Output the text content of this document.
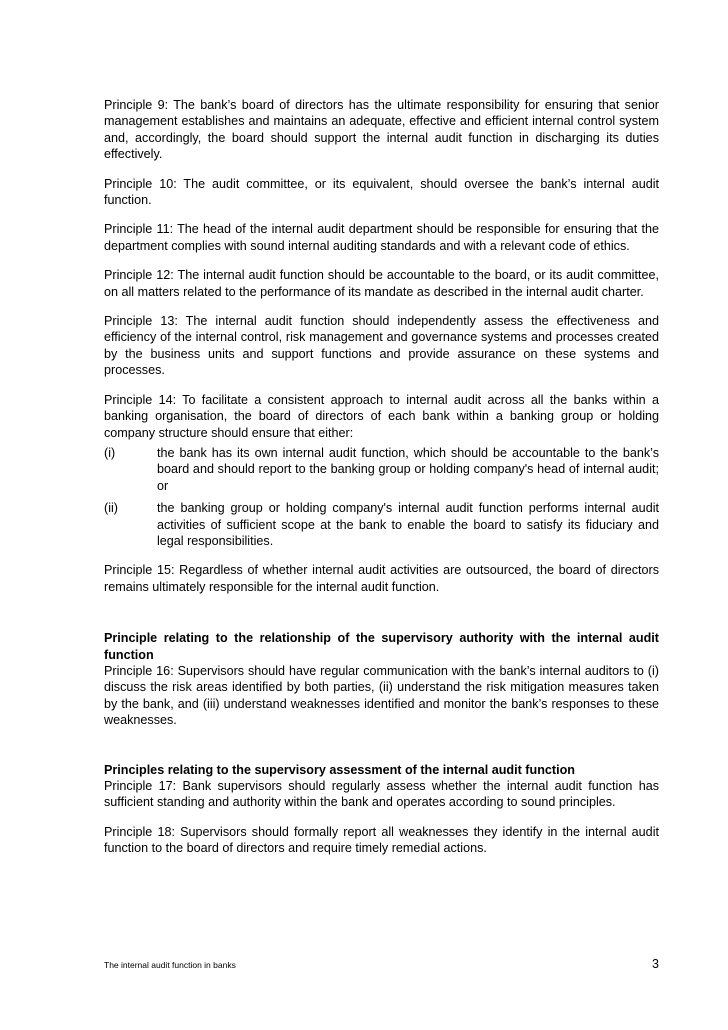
Principle 9: The bank’s board of directors has the ultimate responsibility for ensuring that senior management establishes and maintains an adequate, effective and efficient internal control system and, accordingly, the board should support the internal audit function in discharging its duties effectively.

Principle 10: The audit committee, or its equivalent, should oversee the bank’s internal audit function.

Principle 11: The head of the internal audit department should be responsible for ensuring that the department complies with sound internal auditing standards and with a relevant code of ethics.

Principle 12: The internal audit function should be accountable to the board, or its audit committee, on all matters related to the performance of its mandate as described in the internal audit charter.

Principle 13: The internal audit function should independently assess the effectiveness and efficiency of the internal control, risk management and governance systems and processes created by the business units and support functions and provide assurance on these systems and processes.

Principle 14: To facilitate a consistent approach to internal audit across all the banks within a banking organisation, the board of directors of each bank within a banking group or holding company structure should ensure that either:

(i)	the bank has its own internal audit function, which should be accountable to the bank’s board and should report to the banking group or holding company's head of internal audit; or
(ii)	the banking group or holding company's internal audit function performs internal audit activities of sufficient scope at the bank to enable the board to satisfy its fiduciary and legal responsibilities.

Principle 15: Regardless of whether internal audit activities are outsourced, the board of directors remains ultimately responsible for the internal audit function.

Principle relating to the relationship of the supervisory authority with the internal audit function

Principle 16: Supervisors should have regular communication with the bank’s internal auditors to (i) discuss the risk areas identified by both parties, (ii) understand the risk mitigation measures taken by the bank, and (iii) understand weaknesses identified and monitor the bank’s responses to these weaknesses.

Principles relating to the supervisory assessment of the internal audit function

Principle 17: Bank supervisors should regularly assess whether the internal audit function has sufficient standing and authority within the bank and operates according to sound principles.

Principle 18: Supervisors should formally report all weaknesses they identify in the internal audit function to the board of directors and require timely remedial actions.

The internal audit function in banks	3
